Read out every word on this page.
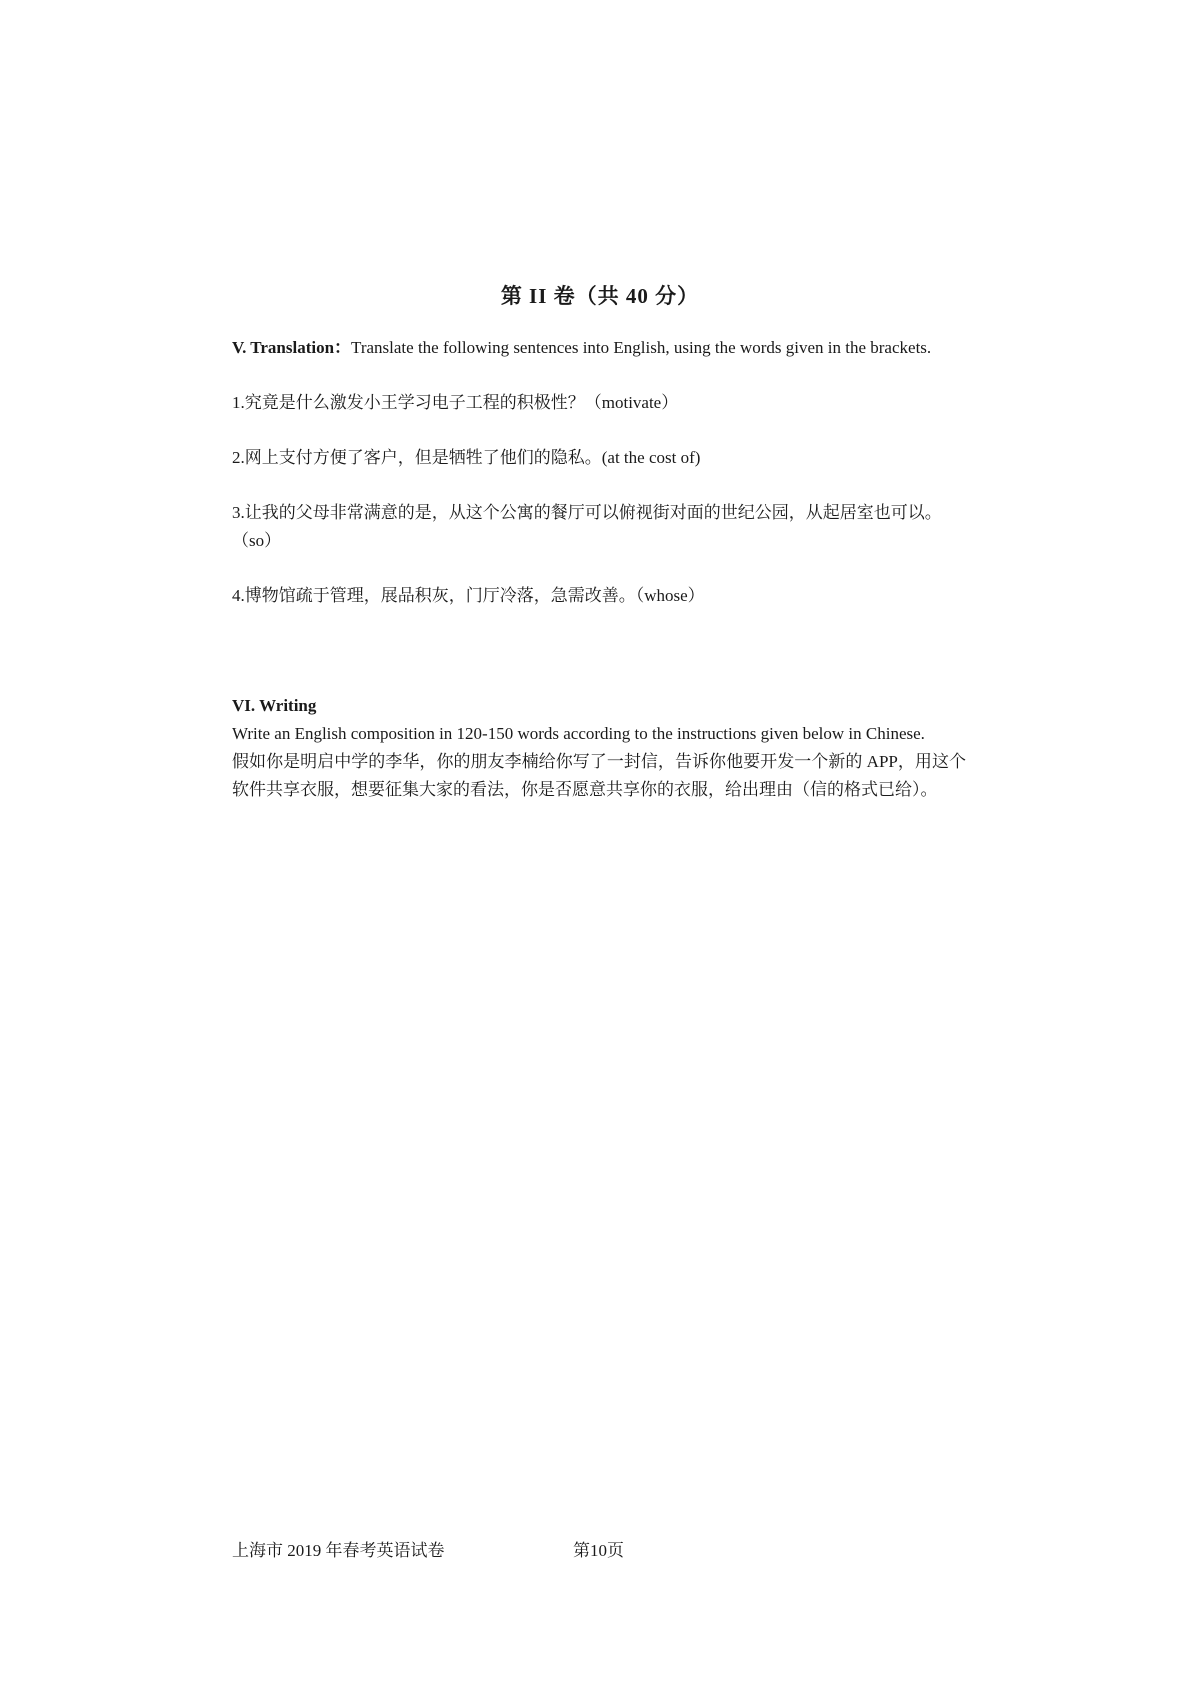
第 II 卷（共 40 分）

V. Translation：Translate the following sentences into English, using the words given in the brackets.

1.究竟是什么激发小王学习电子工程的积极性？（motivate）

2.网上支付方便了客户，但是牺牲了他们的隐私。(at the cost of)

3.让我的父母非常满意的是，从这个公寓的餐厅可以俯视街对面的世纪公园，从起居室也可以。（so）

4.博物馆疏于管理，展品积灰，门厅冷落，急需改善。（whose）

VI. Writing

Write an English composition in 120-150 words according to the instructions given below in Chinese.

假如你是明启中学的李华，你的朋友李楠给你写了一封信，告诉你他要开发一个新的 APP，用这个软件共享衣服，想要征集大家的看法，你是否愿意共享你的衣服，给出理由（信的格式已给）。

上海市 2019 年春考英语试卷	第10页
